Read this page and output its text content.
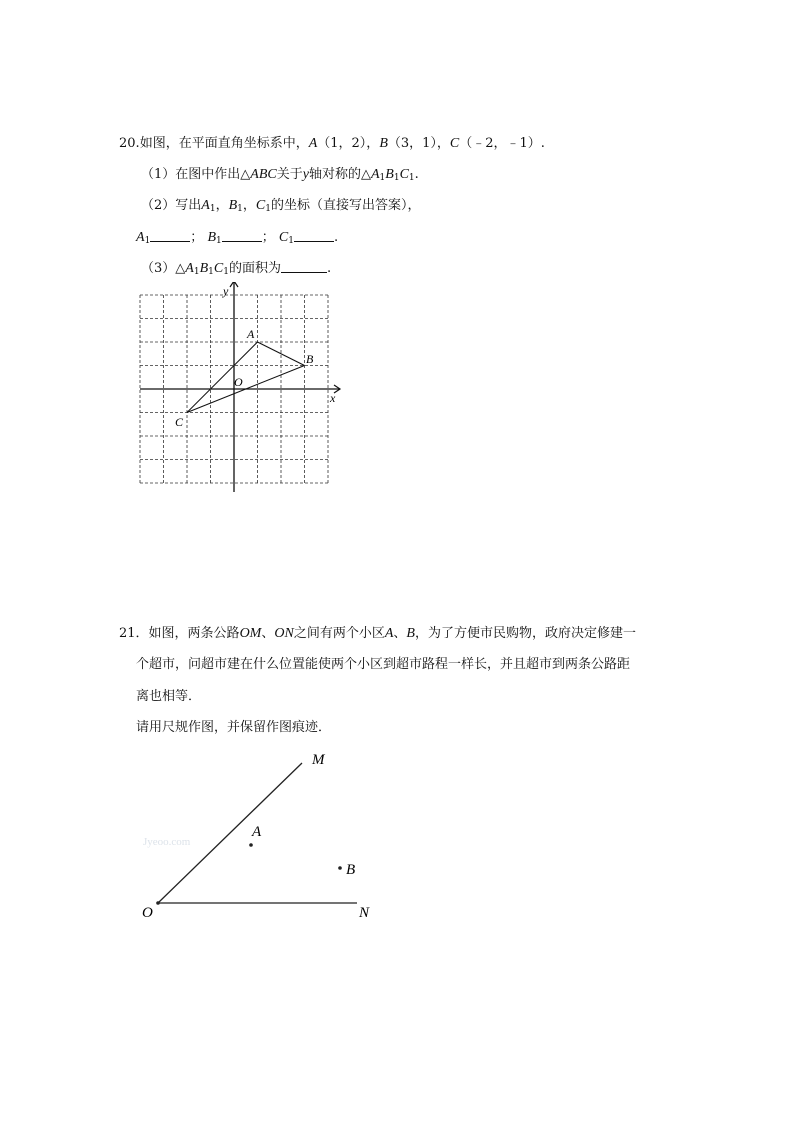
20.如图，在平面直角坐标系中，A（1，2），B（3，1），C（﹣2，﹣1）.
（1）在图中作出△ABC关于y轴对称的$\triangle A_1B_1C_1$.
（2）写出$A_1$，$B_1$，$C_1$的坐标（直接写出答案），
$A_1$	； $B_1$	； $C_1$	.
$(3)\triangle A_1B_1C_1$的面积为	.
x
y
O
A
B
C
21．如图，两条公路OM、ON之间有两个小区A、B，为了方便市民购物，政府决定修建一
个超市，问超市建在什么位置能使两个小区到超市路程一样长，并且超市到两条公路距
离也相等．
请用尺规作图，并保留作图痕迹．
Jyeoo.com
M
N
O
A
B
